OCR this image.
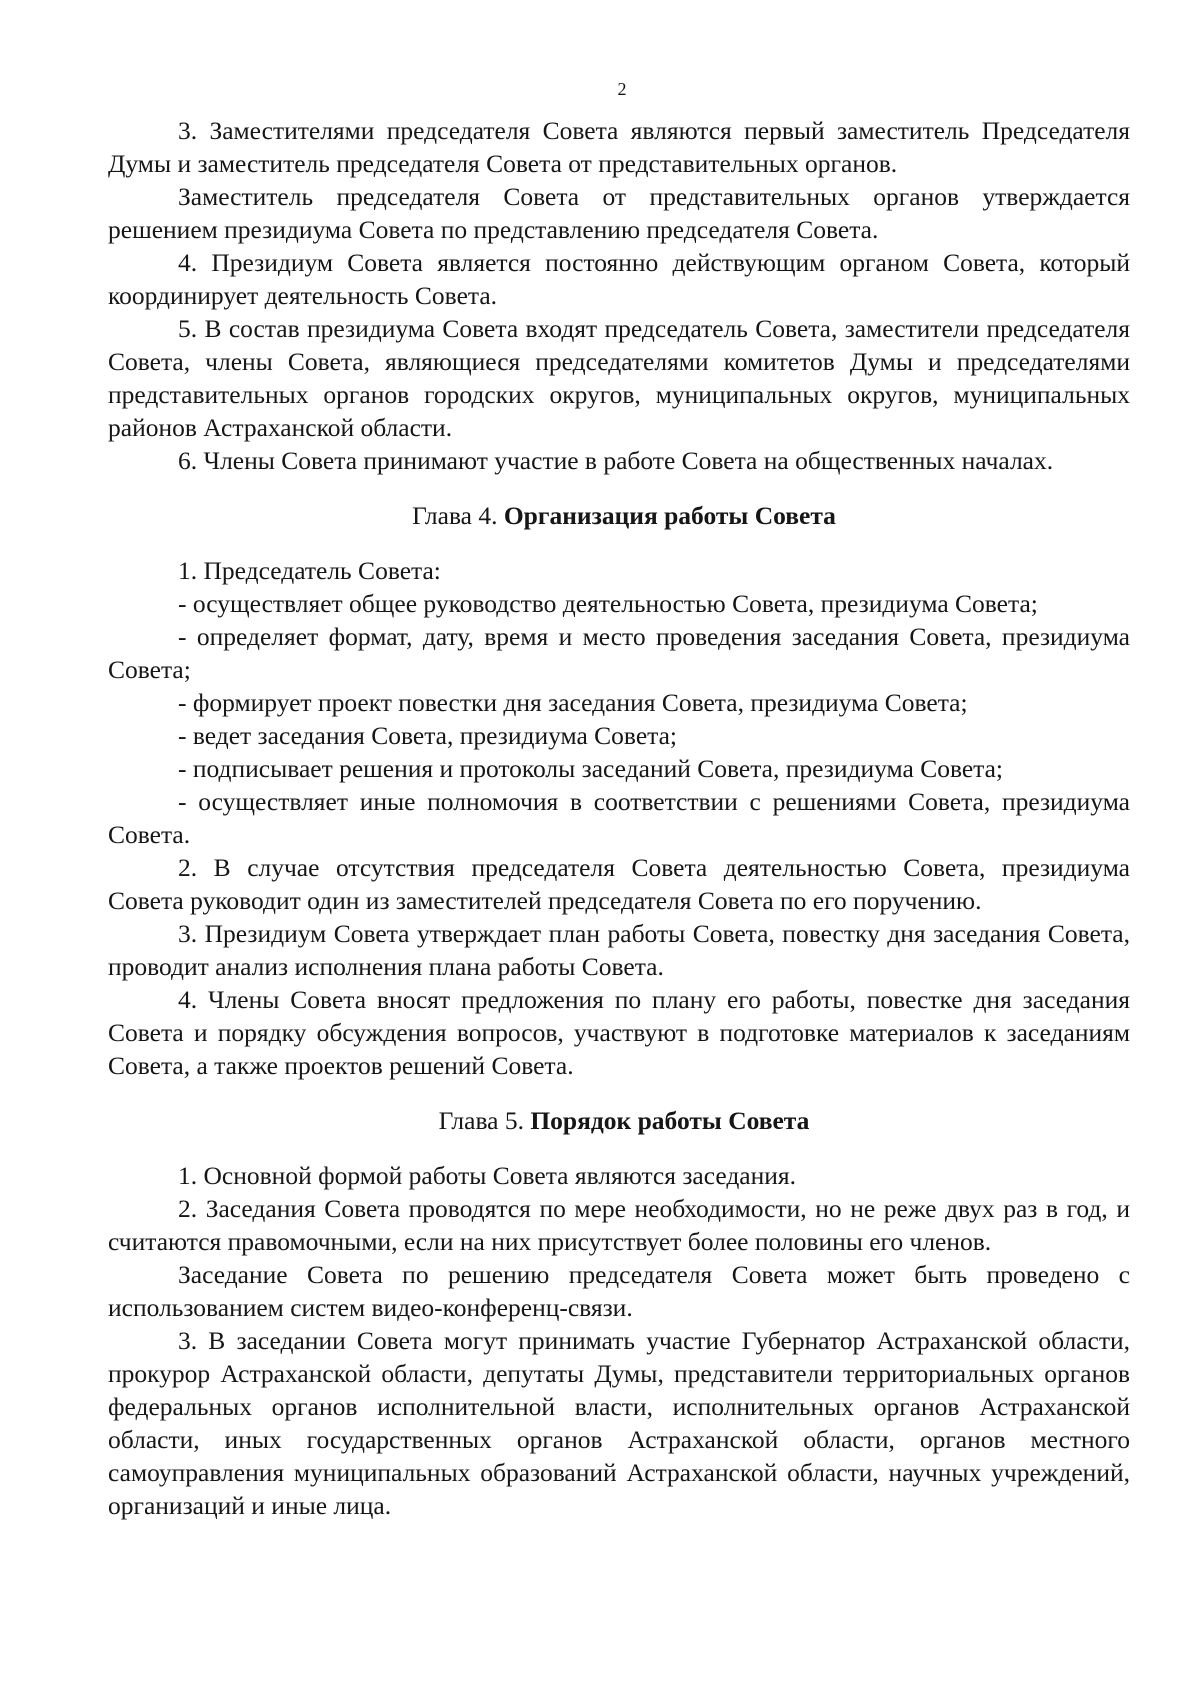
2

3. Заместителями председателя Совета являются первый заместитель Председателя Думы и заместитель председателя Совета от представительных органов.

Заместитель председателя Совета от представительных органов утверждается решением президиума Совета по представлению председателя Совета.

4. Президиум Совета является постоянно действующим органом Совета, который координирует деятельность Совета.

5. В состав президиума Совета входят председатель Совета, заместители председателя Совета, члены Совета, являющиеся председателями комитетов Думы и председателями представительных органов городских округов, муниципальных округов, муниципальных районов Астраханской области.

6. Члены Совета принимают участие в работе Совета на общественных началах.

Глава 4. Организация работы Совета

1. Председатель Совета:

- осуществляет общее руководство деятельностью Совета, президиума Совета;

- определяет формат, дату, время и место проведения заседания Совета, президиума Совета;

- формирует проект повестки дня заседания Совета, президиума Совета;

- ведет заседания Совета, президиума Совета;

- подписывает решения и протоколы заседаний Совета, президиума Совета;

- осуществляет иные полномочия в соответствии с решениями Совета, президиума Совета.

2. В случае отсутствия председателя Совета деятельностью Совета, президиума Совета руководит один из заместителей председателя Совета по его поручению.

3. Президиум Совета утверждает план работы Совета, повестку дня заседания Совета, проводит анализ исполнения плана работы Совета.

4. Члены Совета вносят предложения по плану его работы, повестке дня заседания Совета и порядку обсуждения вопросов, участвуют в подготовке материалов к заседаниям Совета, а также проектов решений Совета.

Глава 5. Порядок работы Совета

1. Основной формой работы Совета являются заседания.

2. Заседания Совета проводятся по мере необходимости, но не реже двух раз в год, и считаются правомочными, если на них присутствует более половины его членов.

Заседание Совета по решению председателя Совета может быть проведено с использованием систем видео-конференц-связи.

3. В заседании Совета могут принимать участие Губернатор Астраханской области, прокурор Астраханской области, депутаты Думы, представители территориальных органов федеральных органов исполнительной власти, исполнительных органов Астраханской области, иных государственных органов Астраханской области, органов местного самоуправления муниципальных образований Астраханской области, научных учреждений, организаций и иные лица.
